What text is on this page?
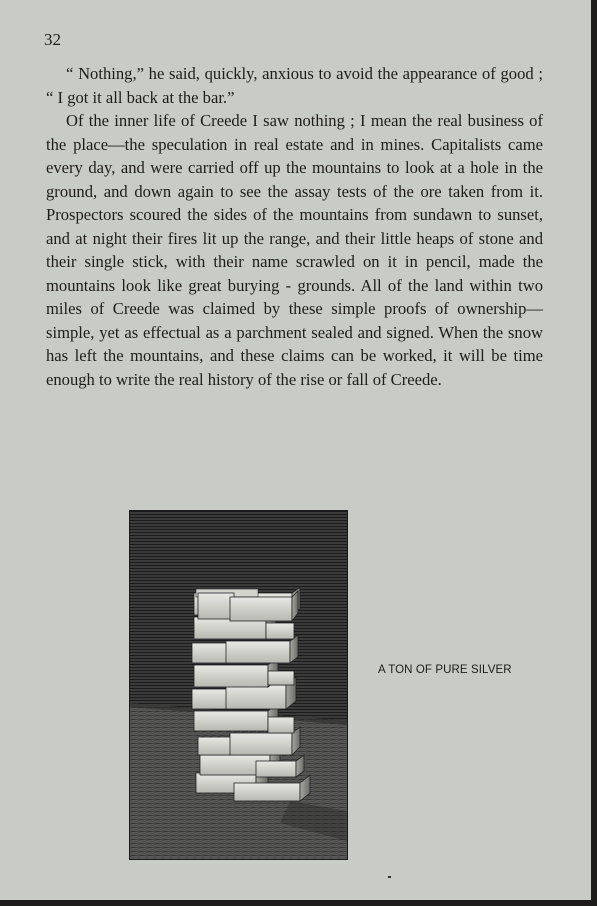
32

“ Nothing,” he said, quickly, anxious to avoid the appearance of good ; “ I got it all back at the bar.”

Of the inner life of Creede I saw nothing ; I mean the real business of the place—the speculation in real estate and in mines. Capitalists came every day, and were carried off up the mountains to look at a hole in the ground, and down again to see the assay tests of the ore taken from it. Prospectors scoured the sides of the mountains from sundawn to sunset, and at night their fires lit up the range, and their little heaps of stone and their single stick, with their name scrawled on it in pencil, made the mountains look like great burying - grounds. All of the land within two miles of Creede was claimed by these simple proofs of ownership—simple, yet as effectual as a parchment sealed and signed. When the snow has left the mountains, and these claims can be worked, it will be time enough to write the real history of the rise or fall of Creede.

A TON OF PURE SILVER
